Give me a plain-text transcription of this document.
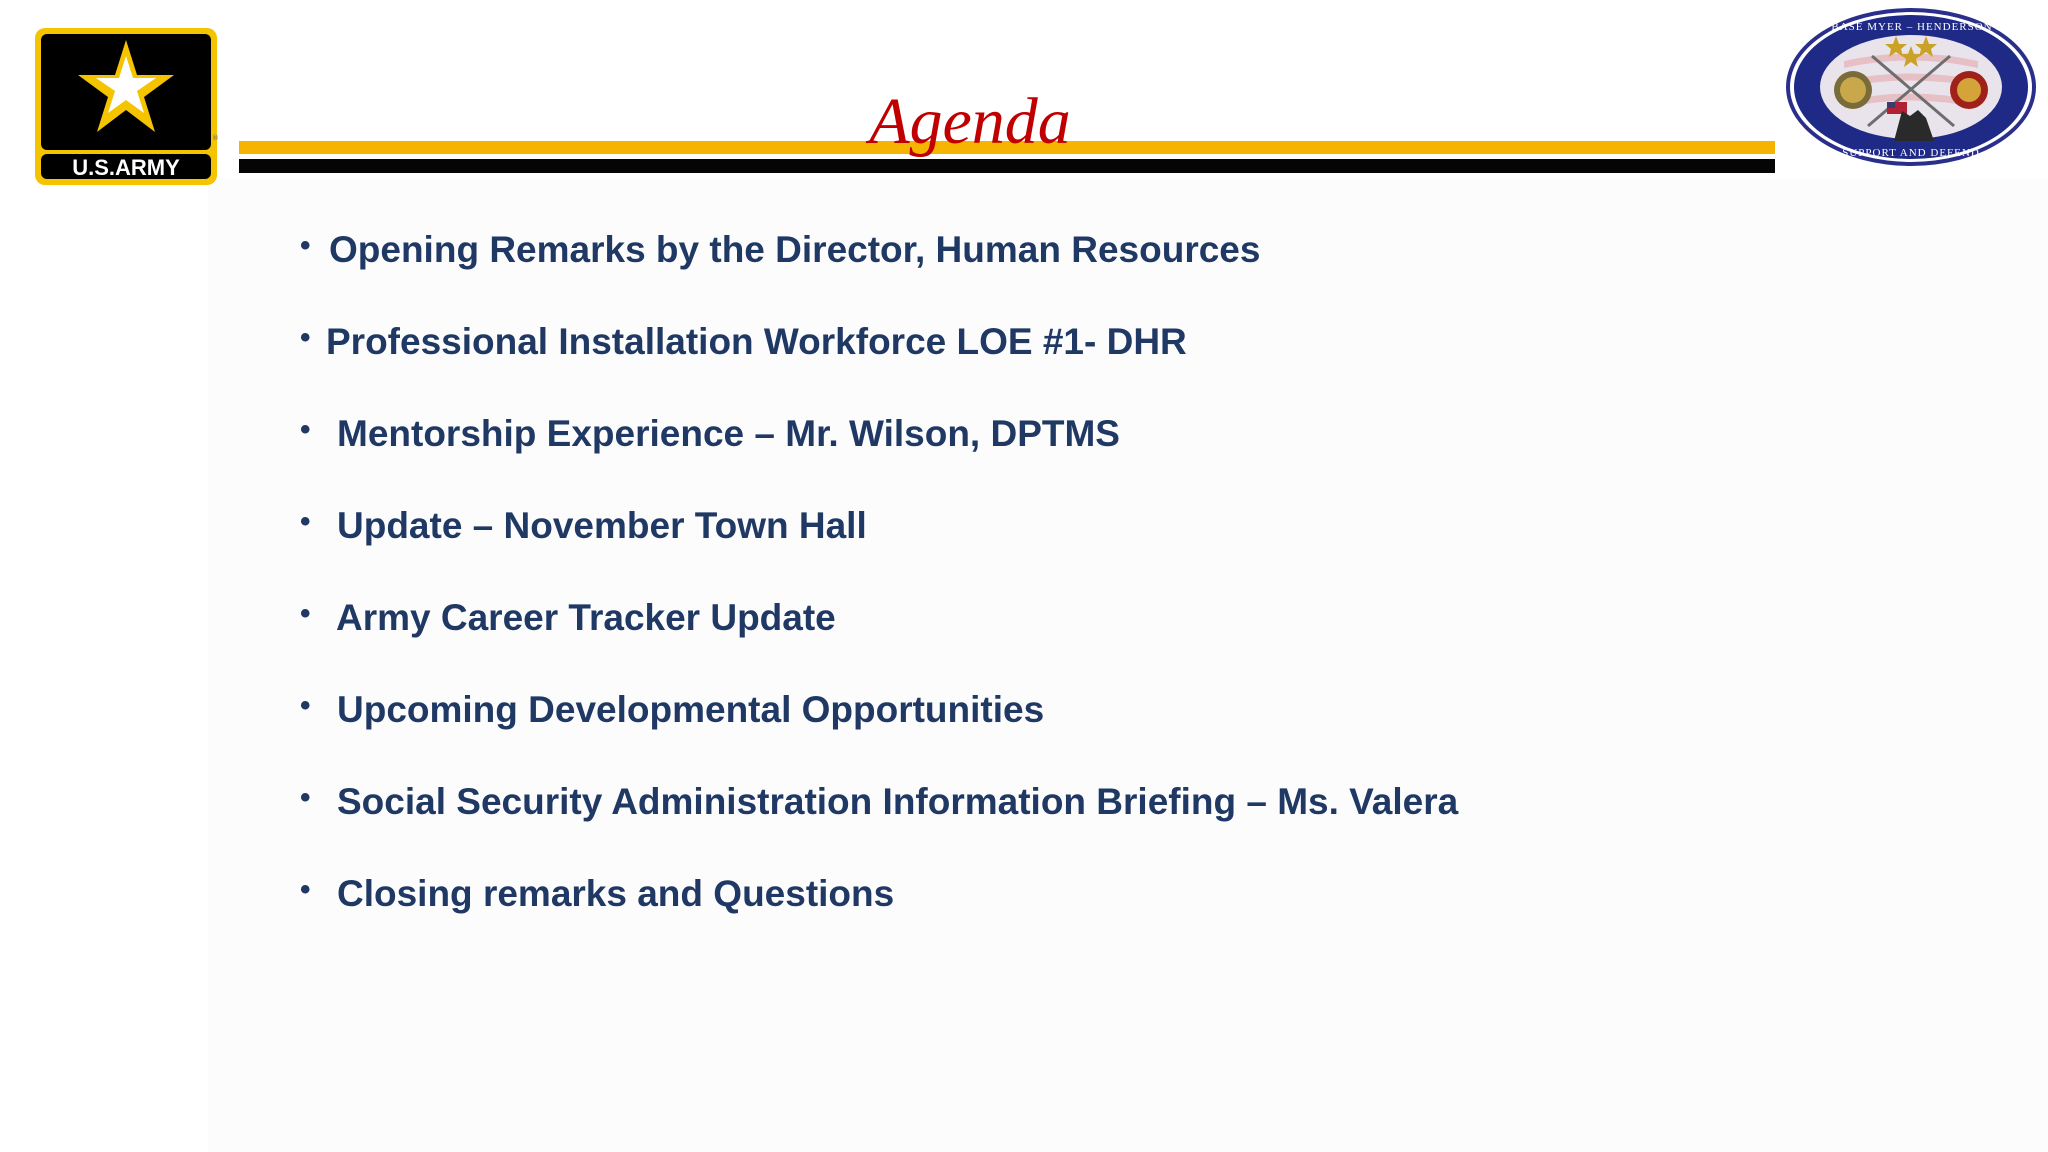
U.S.ARMY
®
JOINT BASE MYER – HENDERSON HALL
SUPPORT AND DEFEND
Agenda
• Opening Remarks by the Director, Human Resources
• Professional Installation Workforce LOE #1- DHR
• Mentorship Experience – Mr. Wilson, DPTMS
• Update – November Town Hall
• Army Career Tracker Update
• Upcoming Developmental Opportunities
• Social Security Administration Information Briefing – Ms. Valera
• Closing remarks and Questions
